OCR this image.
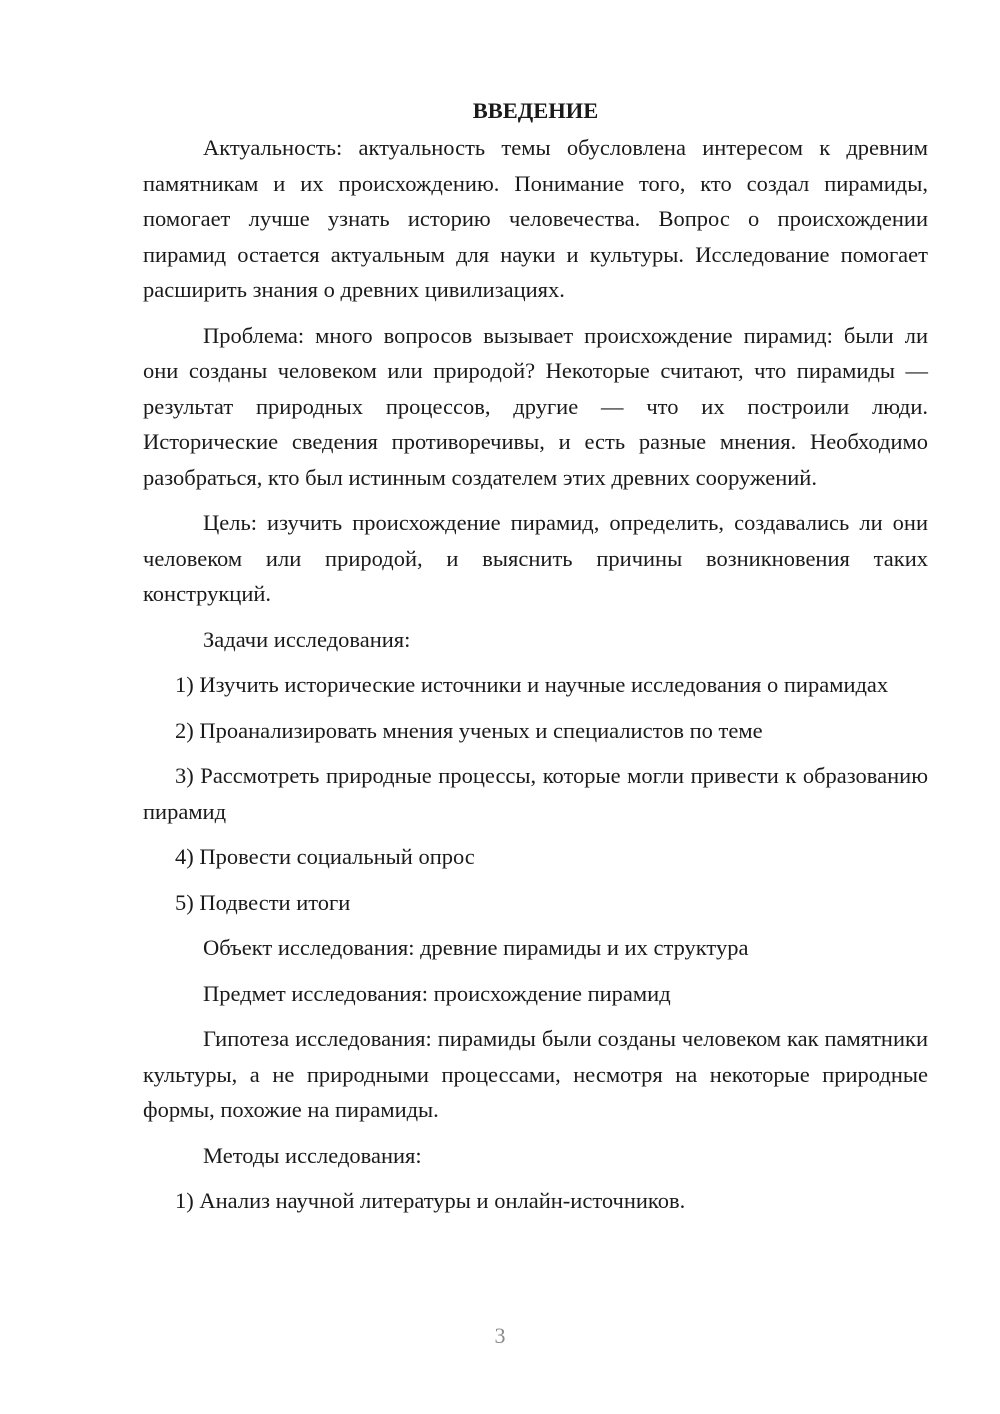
ВВЕДЕНИЕ

Актуальность: актуальность темы обусловлена интересом к древним памятникам и их происхождению. Понимание того, кто создал пирамиды, помогает лучше узнать историю человечества. Вопрос о происхождении пирамид остается актуальным для науки и культуры. Исследование помогает расширить знания о древних цивилизациях.

Проблема: много вопросов вызывает происхождение пирамид: были ли они созданы человеком или природой? Некоторые считают, что пирамиды — результат природных процессов, другие — что их построили люди. Исторические сведения противоречивы, и есть разные мнения. Необходимо разобраться, кто был истинным создателем этих древних сооружений.

Цель: изучить происхождение пирамид, определить, создавались ли они человеком или природой, и выяснить причины возникновения таких конструкций.

Задачи исследования:

1) Изучить исторические источники и научные исследования о пирамидах

2) Проанализировать мнения ученых и специалистов по теме

3) Рассмотреть природные процессы, которые могли привести к образованию пирамид

4) Провести социальный опрос

5) Подвести итоги

Объект исследования: древние пирамиды и их структура

Предмет исследования: происхождение пирамид

Гипотеза исследования: пирамиды были созданы человеком как памятники культуры, а не природными процессами, несмотря на некоторые природные формы, похожие на пирамиды.

Методы исследования:

1) Анализ научной литературы и онлайн-источников.

3
